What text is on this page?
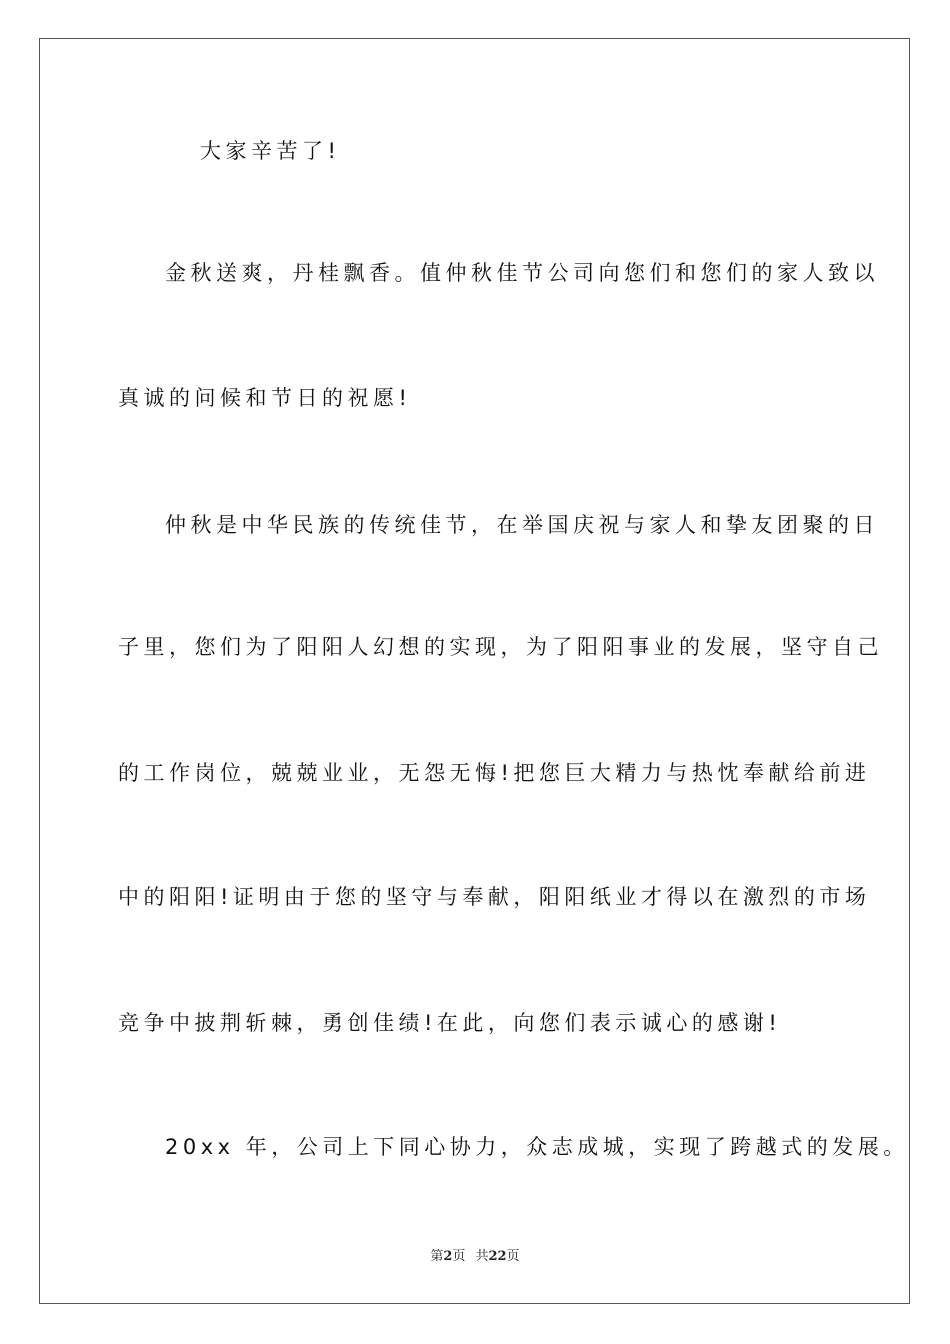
大家辛苦了!
金秋送爽，丹桂飘香。值仲秋佳节公司向您们和您们的家人致以
真诚的问候和节日的祝愿!
仲秋是中华民族的传统佳节，在举国庆祝与家人和挚友团聚的日
子里，您们为了阳阳人幻想的实现，为了阳阳事业的发展，坚守自己
的工作岗位，兢兢业业，无怨无悔!把您巨大精力与热忱奉献给前进
中的阳阳!证明由于您的坚守与奉献，阳阳纸业才得以在激烈的市场
竞争中披荆斩棘，勇创佳绩!在此，向您们表示诚心的感谢!
20xx 年，公司上下同心协力，众志成城，实现了跨越式的发展。
第2页 共22页
